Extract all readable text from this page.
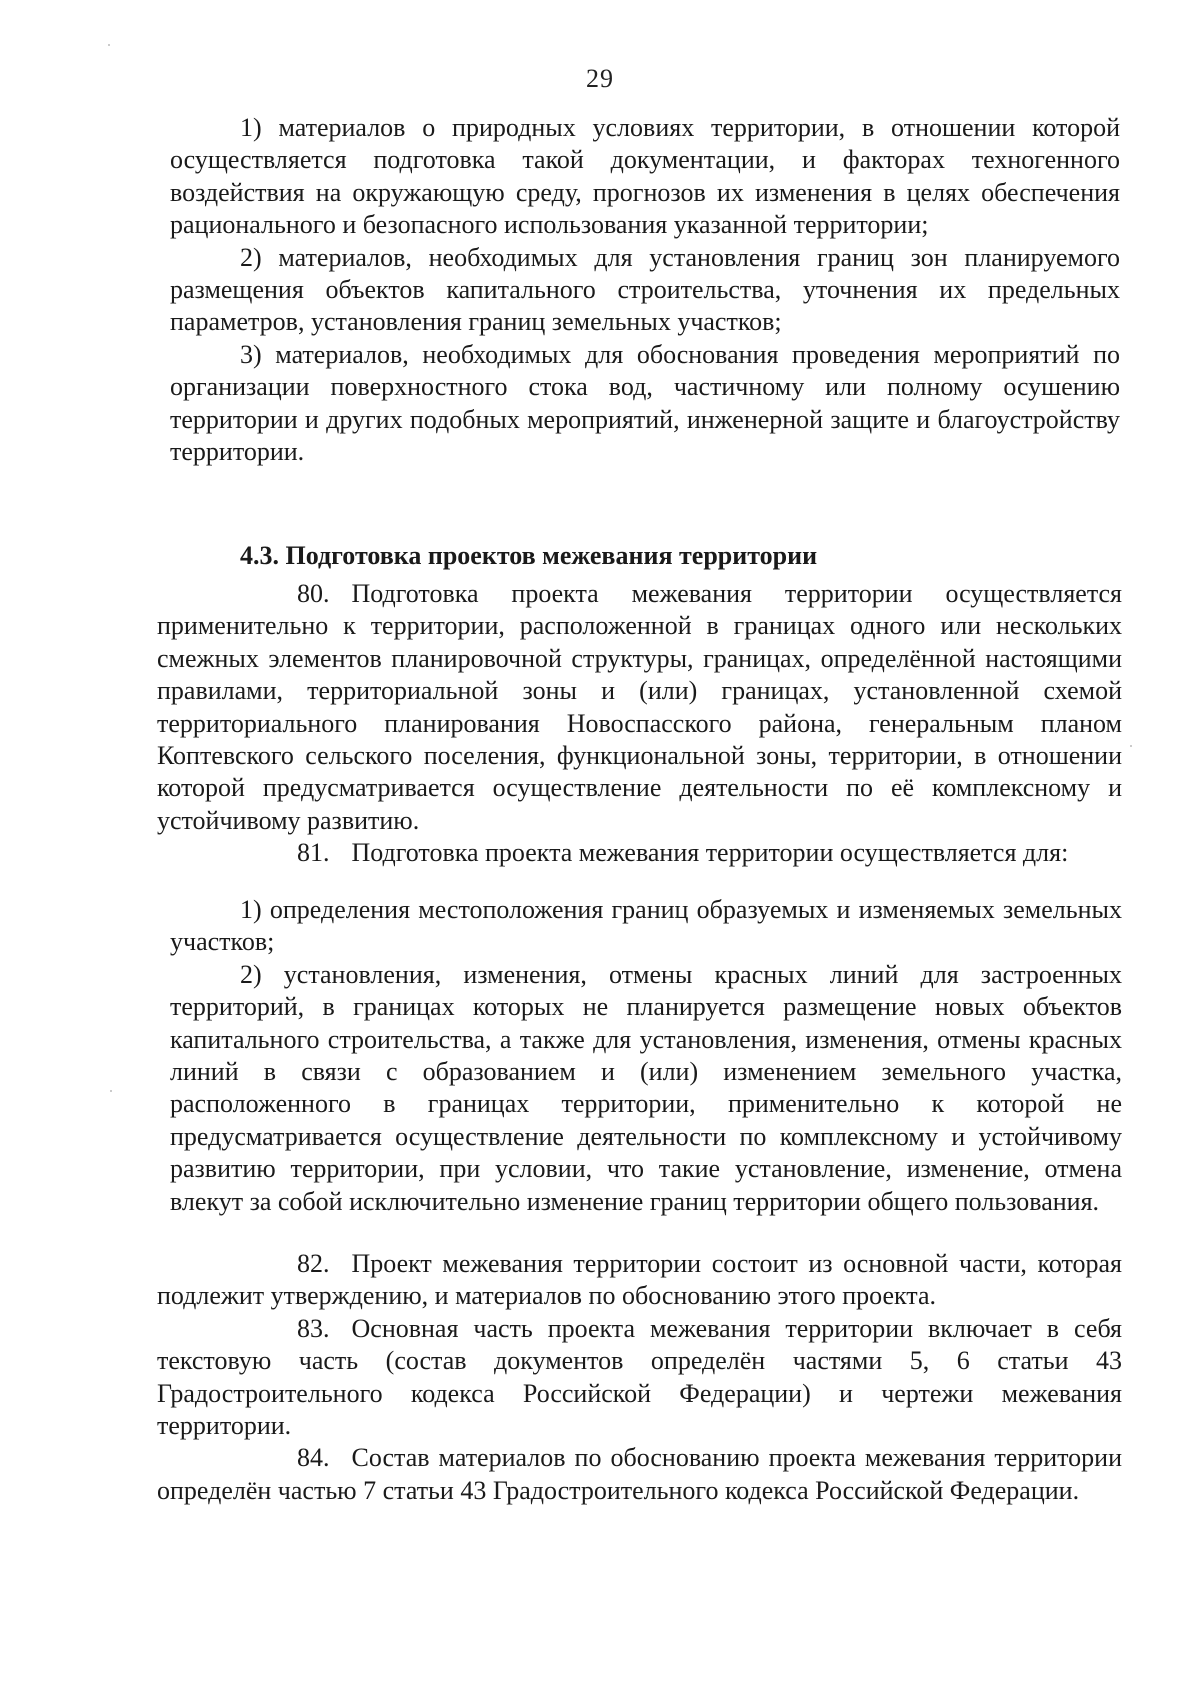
29

1) материалов о природных условиях территории, в отношении которой осуществляется подготовка такой документации, и факторах техногенного воздействия на окружающую среду, прогнозов их изменения в целях обеспечения рационального и безопасного использования указанной территории;

2) материалов, необходимых для установления границ зон планируемого размещения объектов капитального строительства, уточнения их предельных параметров, установления границ земельных участков;

3) материалов, необходимых для обоснования проведения мероприятий по организации поверхностного стока вод, частичному или полному осушению территории и других подобных мероприятий, инженерной защите и благоустройству территории.

4.3. Подготовка проектов межевания территории

80. Подготовка проекта межевания территории осуществляется применительно к территории, расположенной в границах одного или нескольких смежных элементов планировочной структуры, границах, определённой настоящими правилами, территориальной зоны и (или) границах, установленной схемой территориального планирования Новоспасского района, генеральным планом Коптевского сельского поселения, функциональной зоны, территории, в отношении которой предусматривается осуществление деятельности по её комплексному и устойчивому развитию.

81. Подготовка проекта межевания территории осуществляется для:

1) определения местоположения границ образуемых и изменяемых земельных участков;

2) установления, изменения, отмены красных линий для застроенных территорий, в границах которых не планируется размещение новых объектов капитального строительства, а также для установления, изменения, отмены красных линий в связи с образованием и (или) изменением земельного участка, расположенного в границах территории, применительно к которой не предусматривается осуществление деятельности по комплексному и устойчивому развитию территории, при условии, что такие установление, изменение, отмена влекут за собой исключительно изменение границ территории общего пользования.

82. Проект межевания территории состоит из основной части, которая подлежит утверждению, и материалов по обоснованию этого проекта.

83. Основная часть проекта межевания территории включает в себя текстовую часть (состав документов определён частями 5, 6 статьи 43 Градостроительного кодекса Российской Федерации) и чертежи межевания территории.

84. Состав материалов по обоснованию проекта межевания территории определён частью 7 статьи 43 Градостроительного кодекса Российской Федерации.
